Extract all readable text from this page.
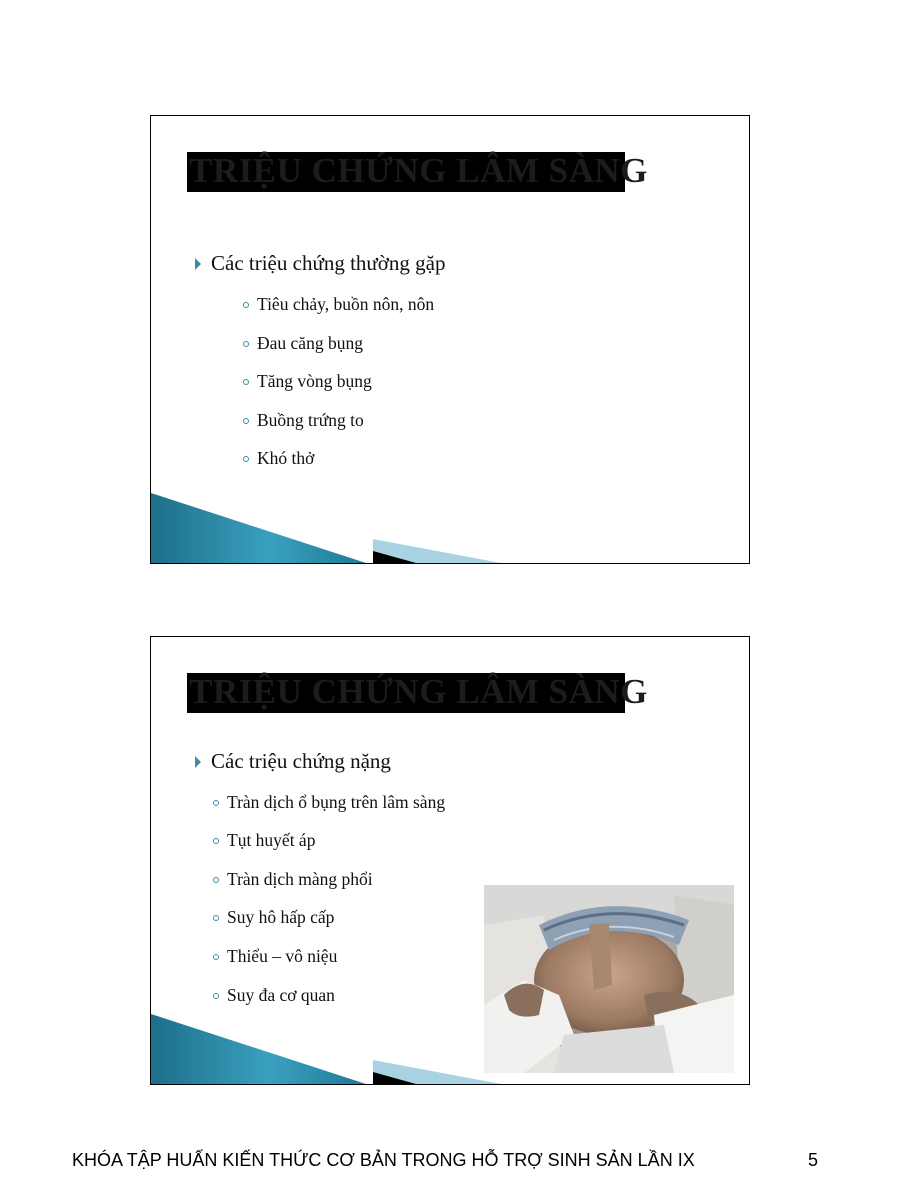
TRIỆU CHỨNG LÂM SÀNG
Các triệu chứng thường gặp
Tiêu chảy, buồn nôn, nôn
Đau căng bụng
Tăng vòng bụng
Buồng trứng to
Khó thở
TRIỆU CHỨNG LÂM SÀNG
Các triệu chứng nặng
Tràn dịch ổ bụng trên lâm sàng
Tụt huyết áp
Tràn dịch màng phổi
Suy hô hấp cấp
Thiểu – vô niệu
Suy đa cơ quan
KHÓA TẬP HUẤN KIẾN THỨC CƠ BẢN TRONG HỖ TRỢ SINH SẢN LẦN IX	5
